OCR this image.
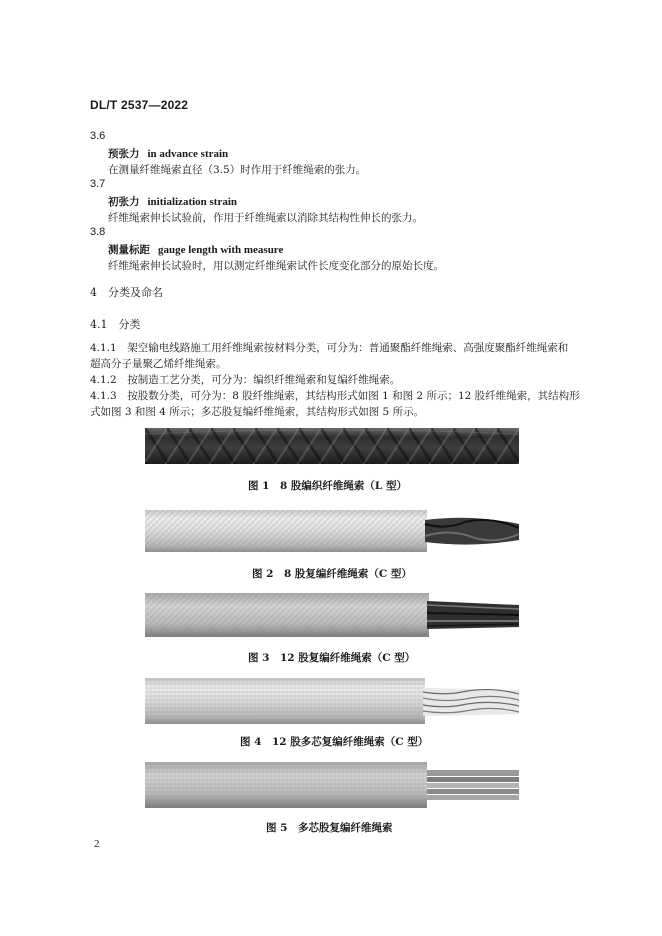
DL/T 2537—2022
3.6
预张力 in advance strain
在测量纤维绳索直径（3.5）时作用于纤维绳索的张力。
3.7
初张力 initialization strain
纤维绳索伸长试验前，作用于纤维绳索以消除其结构性伸长的张力。
3.8
测量标距 gauge length with measure
纤维绳索伸长试验时，用以测定纤维绳索试件长度变化部分的原始长度。
4　分类及命名
4.1　分类
4.1.1　架空输电线路施工用纤维绳索按材料分类，可分为：普通聚酯纤维绳索、高强度聚酯纤维绳索和
超高分子量聚乙烯纤维绳索。
4.1.2　按制造工艺分类，可分为：编织纤维绳索和复编纤维绳索。
4.1.3　按股数分类，可分为：8 股纤维绳索，其结构形式如图 1 和图 2 所示；12 股纤维绳索，其结构形
式如图 3 和图 4 所示；多芯股复编纤维绳索，其结构形式如图 5 所示。
图 1　8 股编织纤维绳索（L 型）
图 2　8 股复编纤维绳索（C 型）
图 3　12 股复编纤维绳索（C 型）
图 4　12 股多芯复编纤维绳索（C 型）
图 5　多芯股复编纤维绳索
2
